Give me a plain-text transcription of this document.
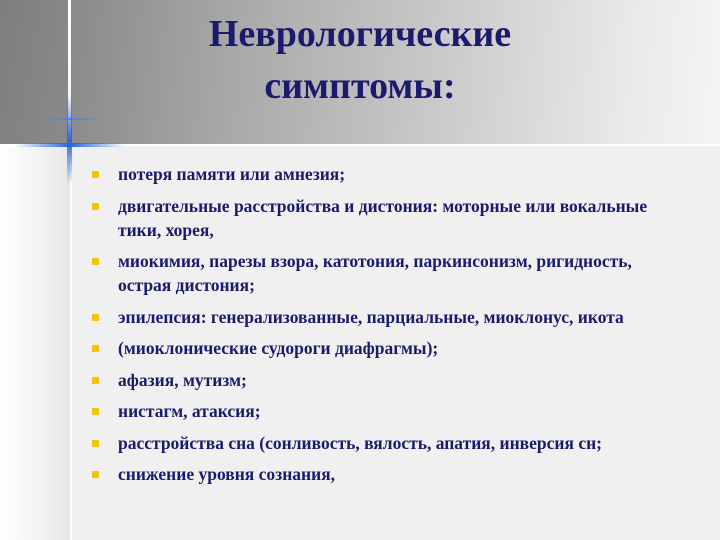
Неврологические
симптомы:
потеря памяти или амнезия;
двигательные расстройства и дистония: моторные или вокальные тики, хорея,
миокимия, парезы взора, катотония, паркинсонизм, ригидность, острая дистония;
эпилепсия: генерализованные, парциальные, миоклонус, икота
(миоклонические судороги диафрагмы);
афазия, мутизм;
нистагм, атаксия;
расстройства сна (сонливость, вялость, апатия, инверсия сн;
снижение уровня сознания,
